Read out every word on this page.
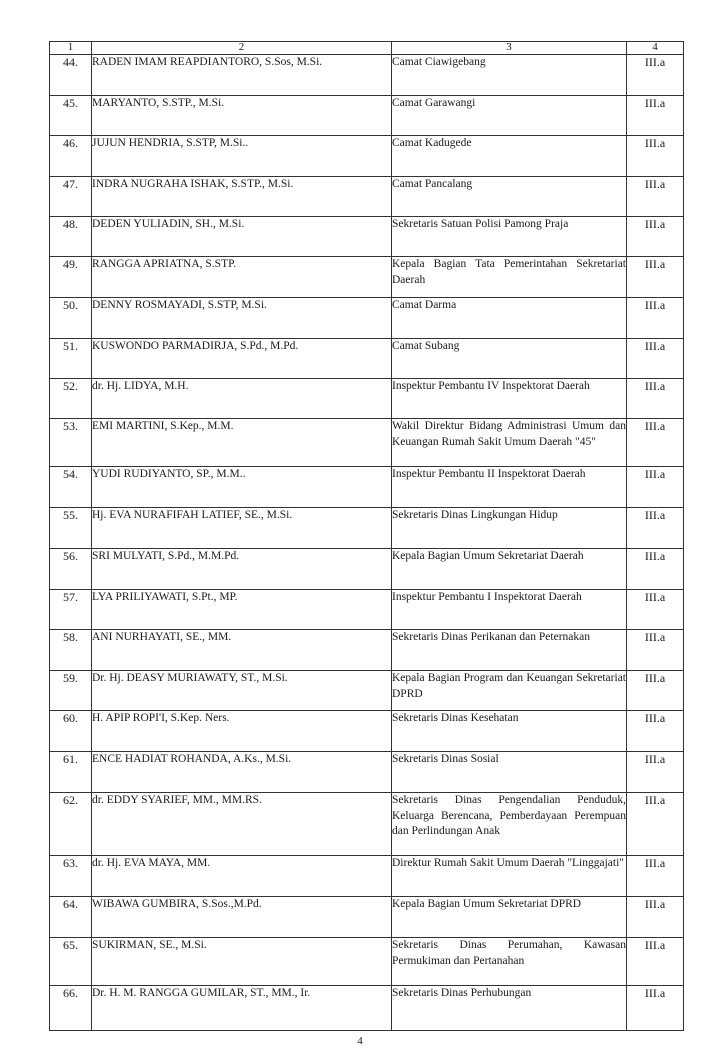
1	2	3	4
44.	RADEN IMAM REAPDIANTORO, S.Sos, M.Si.	Camat Ciawigebang	III.a
45.	MARYANTO, S.STP., M.Si.	Camat Garawangi	III.a
46.	JUJUN HENDRIA, S.STP, M.Si..	Camat Kadugede	III.a
47.	INDRA NUGRAHA ISHAK, S.STP., M.Si.	Camat Pancalang	III.a
48.	DEDEN YULIADIN, SH., M.Si.	Sekretaris Satuan Polisi Pamong Praja	III.a
49.	RANGGA APRIATNA, S.STP.	Kepala Bagian Tata Pemerintahan Sekretariat Daerah	III.a
50.	DENNY ROSMAYADI, S.STP, M.Si.	Camat Darma	III.a
51.	KUSWONDO PARMADIRJA, S.Pd., M.Pd.	Camat Subang	III.a
52.	dr. Hj. LIDYA, M.H.	Inspektur Pembantu IV Inspektorat Daerah	III.a
53.	EMI MARTINI, S.Kep., M.M.	Wakil Direktur Bidang Administrasi Umum dan Keuangan Rumah Sakit Umum Daerah "45"	III.a
54.	YUDI RUDIYANTO, SP., M.M..	Inspektur Pembantu II Inspektorat Daerah	III.a
55.	Hj. EVA NURAFIFAH LATIEF, SE., M.Si.	Sekretaris Dinas Lingkungan Hidup	III.a
56.	SRI MULYATI, S.Pd., M.M.Pd.	Kepala Bagian Umum Sekretariat Daerah	III.a
57.	LYA PRILIYAWATI, S.Pt., MP.	Inspektur Pembantu I Inspektorat Daerah	III.a
58.	ANI NURHAYATI, SE., MM.	Sekretaris Dinas Perikanan dan Peternakan	III.a
59.	Dr. Hj. DEASY MURIAWATY, ST., M.Si.	Kepala Bagian Program dan Keuangan Sekretariat DPRD	III.a
60.	H. APIP ROPI'I, S.Kep. Ners.	Sekretaris Dinas Kesehatan	III.a
61.	ENCE HADIAT ROHANDA, A.Ks., M.Si.	Sekretaris Dinas Sosial	III.a
62.	dr. EDDY SYARIEF, MM., MM.RS.	Sekretaris Dinas Pengendalian Penduduk, Keluarga Berencana, Pemberdayaan Perempuan dan Perlindungan Anak	III.a
63.	dr. Hj. EVA MAYA, MM.	Direktur Rumah Sakit Umum Daerah "Linggajati"	III.a
64.	WIBAWA GUMBIRA, S.Sos.,M.Pd.	Kepala Bagian Umum Sekretariat DPRD	III.a
65.	SUKIRMAN, SE., M.Si.	Sekretaris Dinas Perumahan, Kawasan Permukiman dan Pertanahan	III.a
66.	Dr. H. M. RANGGA GUMILAR, ST., MM., Ir.	Sekretaris Dinas Perhubungan	III.a
4
